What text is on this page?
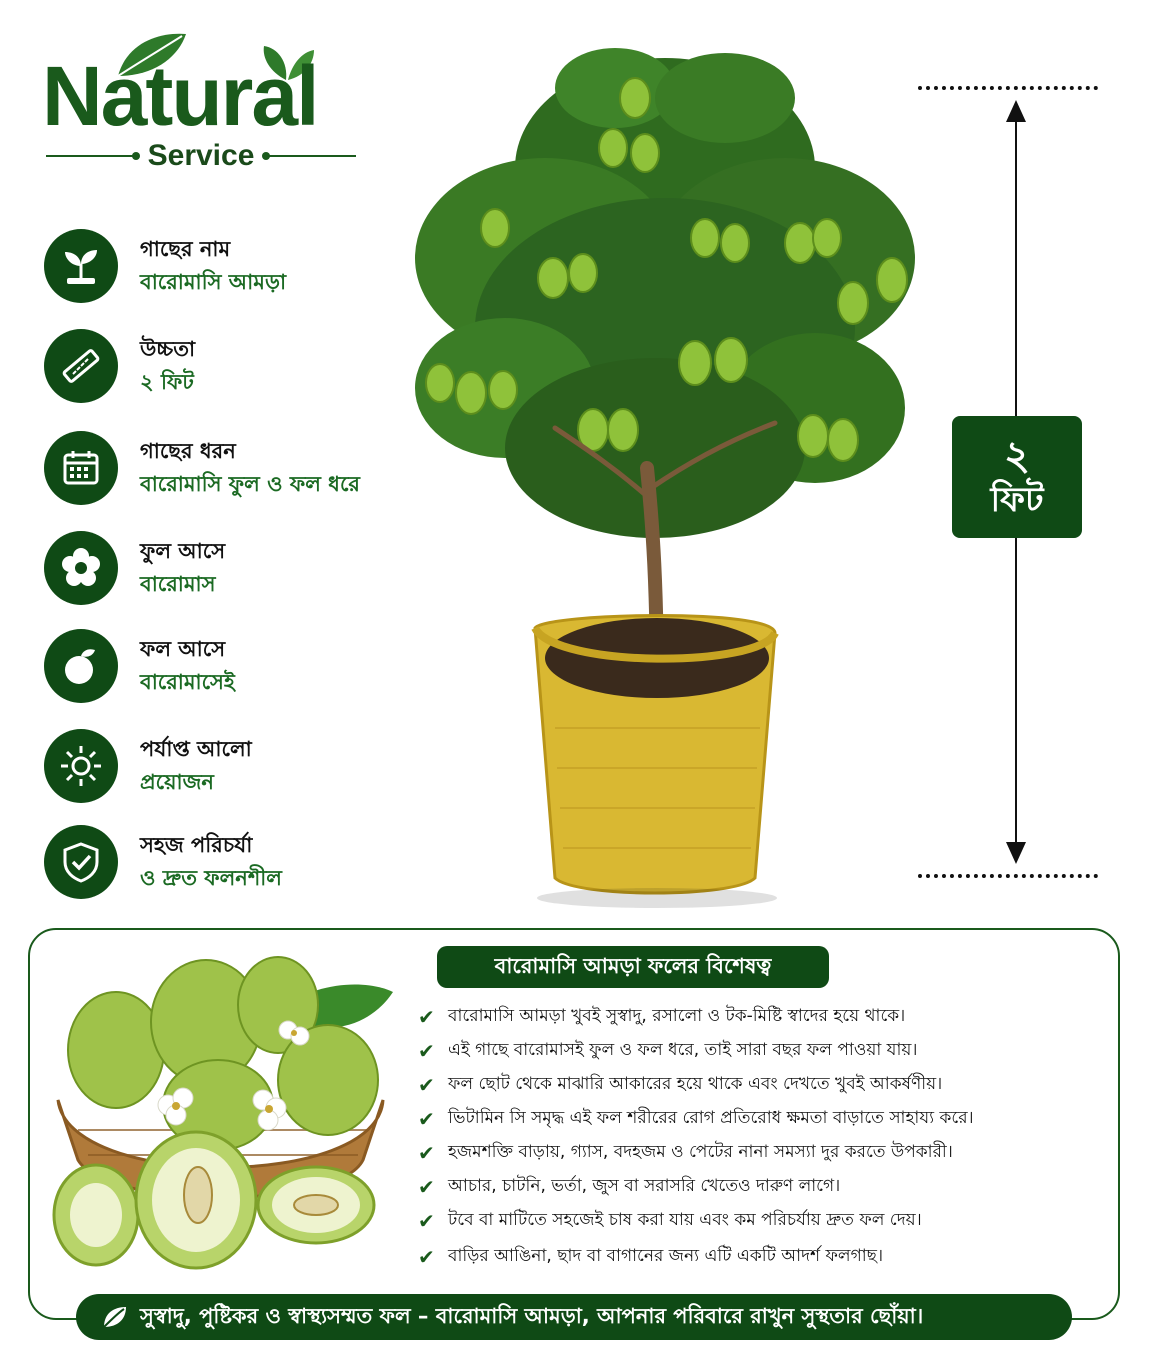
Natural
Service
গাছের নাম
বারোমাসি আমড়া
উচ্চতা
২ ফিট
গাছের ধরন
বারোমাসি ফুল ও ফল ধরে
ফুল আসে
বারোমাস
ফল আসে
বারোমাসেই
পর্যাপ্ত আলো
প্রয়োজন
সহজ পরিচর্যা
ও দ্রুত ফলনশীল
২
ফিট
বারোমাসি আমড়া ফলের বিশেষত্ব
✔ বারোমাসি আমড়া খুবই সুস্বাদু, রসালো ও টক-মিষ্টি স্বাদের হয়ে থাকে।
✔ এই গাছে বারোমাসই ফুল ও ফল ধরে, তাই সারা বছর ফল পাওয়া যায়।
✔ ফল ছোট থেকে মাঝারি আকারের হয়ে থাকে এবং দেখতে খুবই আকর্ষণীয়।
✔ ভিটামিন সি সমৃদ্ধ এই ফল শরীরের রোগ প্রতিরোধ ক্ষমতা বাড়াতে সাহায্য করে।
✔ হজমশক্তি বাড়ায়, গ্যাস, বদহজম ও পেটের নানা সমস্যা দুর করতে উপকারী।
✔ আচার, চাটনি, ভর্তা, জুস বা সরাসরি খেতেও দারুণ লাগে।
✔ টবে বা মাটিতে সহজেই চাষ করা যায় এবং কম পরিচর্যায় দ্রুত ফল দেয়।
✔ বাড়ির আঙিনা, ছাদ বা বাগানের জন্য এটি একটি আদর্শ ফলগাছ।
সুস্বাদু, পুষ্টিকর ও স্বাস্থ্যসম্মত ফল – বারোমাসি আমড়া, আপনার পরিবারে রাখুন সুস্থতার ছোঁয়া।
